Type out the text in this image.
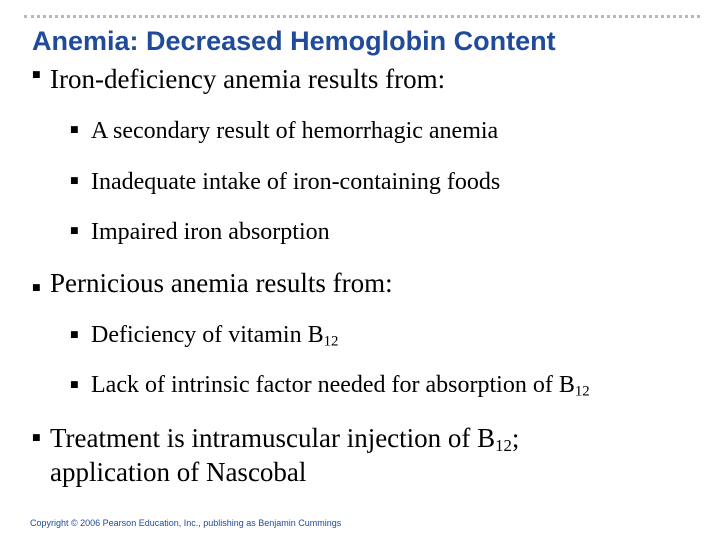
Anemia: Decreased Hemoglobin Content
■ Iron-deficiency anemia results from:
■ A secondary result of hemorrhagic anemia
■ Inadequate intake of iron-containing foods
■ Impaired iron absorption
■ Pernicious anemia results from:
■ Deficiency of vitamin $B_{12}$
■ Lack of intrinsic factor needed for absorption of $B_{12}$
■ Treatment is intramuscular injection of $B_{12}$;
application of Nascobal
Copyright © 2006 Pearson Education, Inc., publishing as Benjamin Cummings
